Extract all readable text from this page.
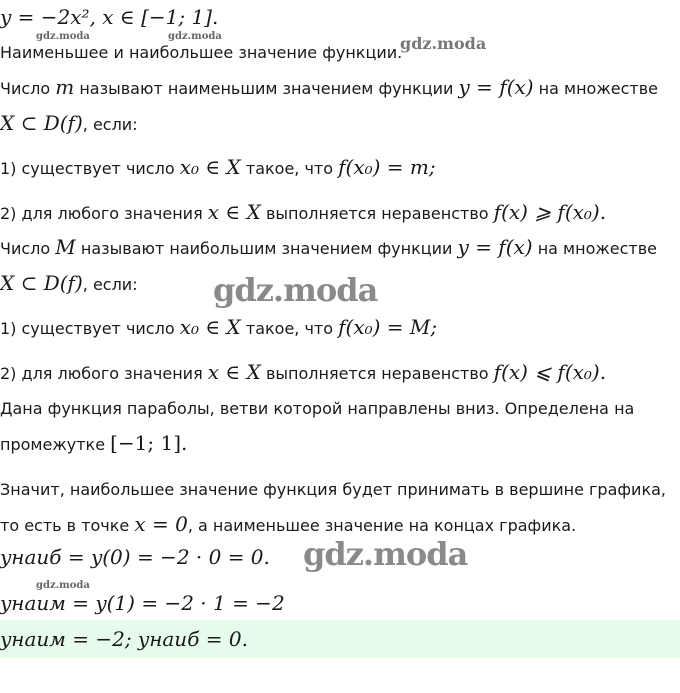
gdz.moda	gdz.moda	gdz.moda
gdz.moda
gdz.moda
gdz.moda
y = −2x², x ∈ [−1; 1].
Наименьшее и наибольшее значение функции.
Число m называют наименьшим значением функции y = f(x) на множестве
X ⊂ D(f), если:
1) существует число x₀ ∈ X такое, что f(x₀) = m;
2) для любого значения x ∈ X выполняется неравенство f(x) ⩾ f(x₀).
Число M называют наибольшим значением функции y = f(x) на множестве
X ⊂ D(f), если:
1) существует число x₀ ∈ X такое, что f(x₀) = M;
2) для любого значения x ∈ X выполняется неравенство f(x) ⩽ f(x₀).
Дана функция параболы, ветви которой направлены вниз. Определена на
промежутке [−1; 1].
Значит, наибольшее значение функция будет принимать в вершине графика,
то есть в точке x = 0, а наименьшее значение на концах графика.
yнаиб = y(0) = −2 · 0 = 0.
yнаим = y(1) = −2 · 1 = −2
yнаим = −2; yнаиб = 0.
